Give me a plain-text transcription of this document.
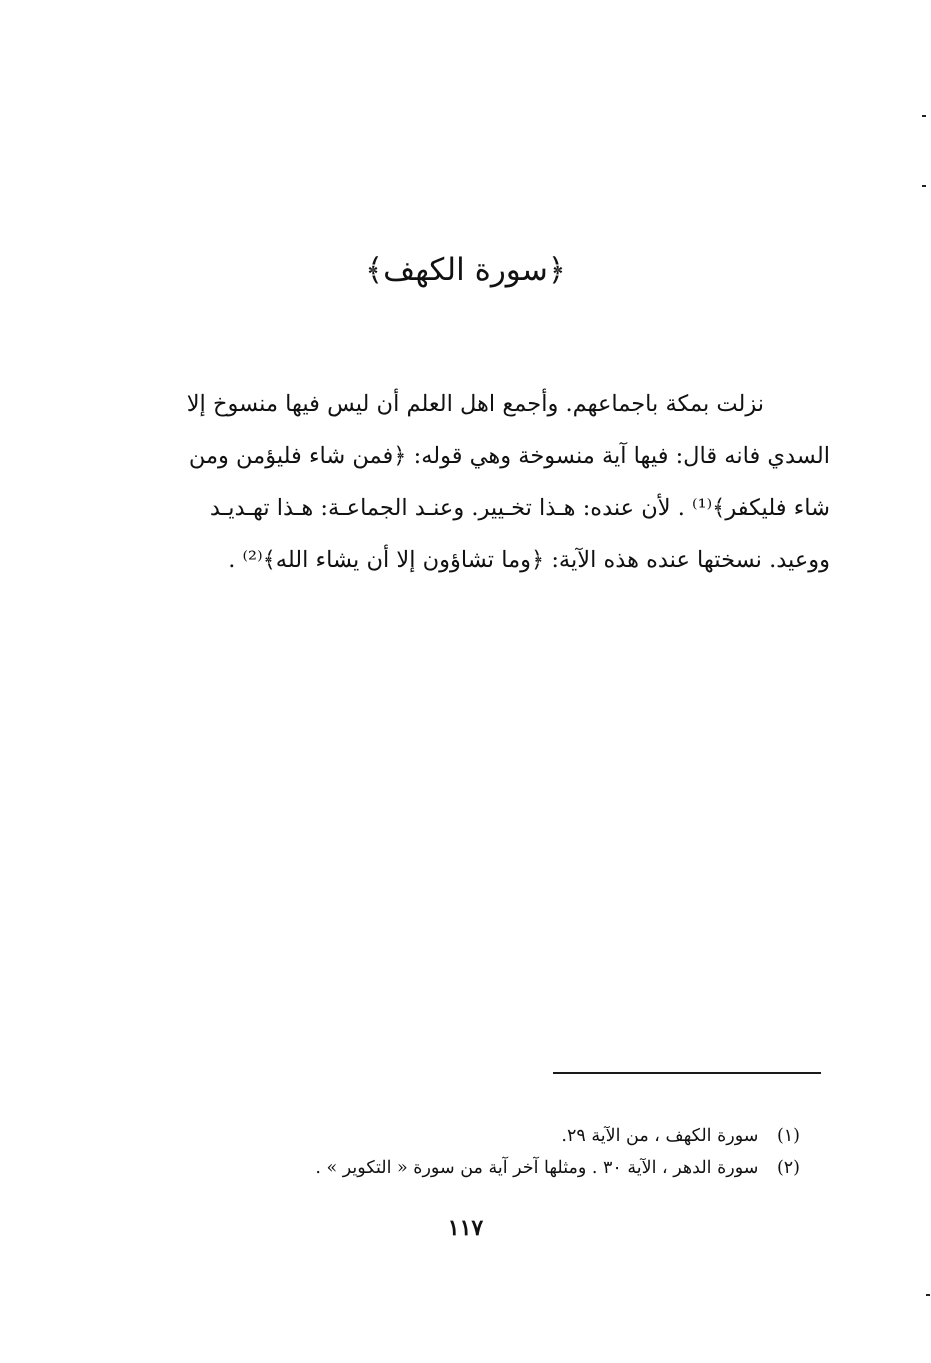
﴿سورة الكهف﴾
نزلت بمكة باجماعهم. وأجمع اهل العلم أن ليس فيها منسوخ إلا
السدي فانه قال: فيها آية منسوخة وهي قوله: ﴿فمن شاء فليؤمن ومن
شاء فليكفر﴾⁽¹⁾ . لأن عنده: هـذا تخـيير. وعنـد الجماعـة: هـذا تهـديـد
ووعيد. نسختها عنده هذه الآية: ﴿وما تشاؤون إلا أن يشاء الله﴾⁽²⁾ .
(١) سورة الكهف ، من الآية ٢٩.
(٢) سورة الدهر ، الآية ٣٠ . ومثلها آخر آية من سورة « التكوير » .
١١٧
